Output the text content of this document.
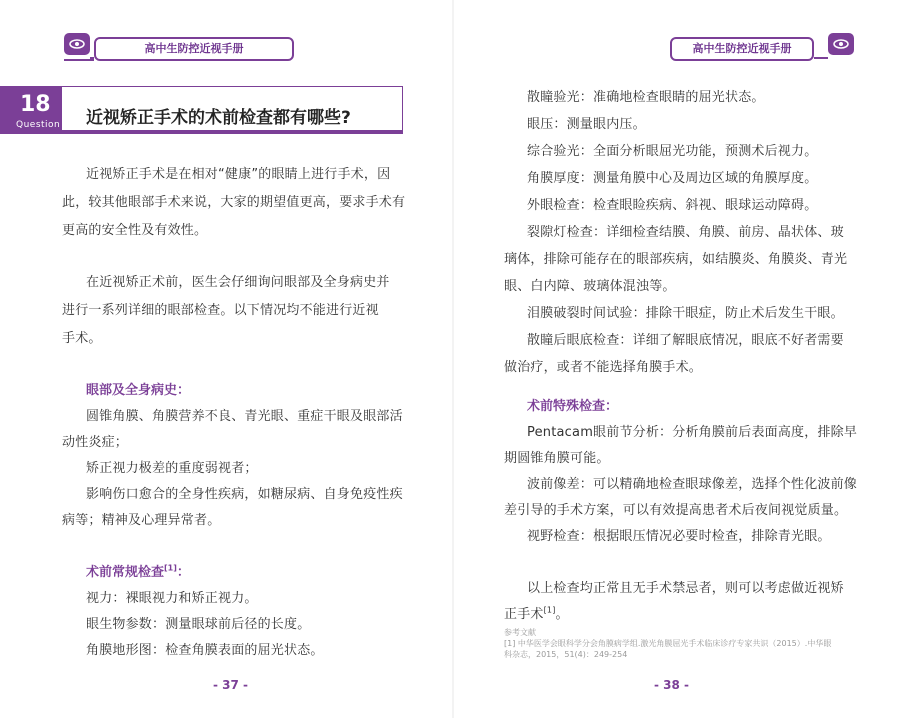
高中生防控近视手册
18
Question 近视矫正手术的术前检查都有哪些?
近视矫正手术是在相对“健康”的眼睛上进行手术，因
此，较其他眼部手术来说，大家的期望值更高，要求手术有
更高的安全性及有效性。
在近视矫正术前，医生会仔细询问眼部及全身病史并
进行一系列详细的眼部检查。以下情况均不能进行近视
手术。
眼部及全身病史：
圆锥角膜、角膜营养不良、青光眼、重症干眼及眼部活
动性炎症；
矫正视力极差的重度弱视者；
影响伤口愈合的全身性疾病，如糖尿病、自身免疫性疾
病等；精神及心理异常者。
术前常规检查[1]：
视力：裸眼视力和矫正视力。
眼生物参数：测量眼球前后径的长度。
角膜地形图：检查角膜表面的屈光状态。
- 37 -
高中生防控近视手册
散瞳验光：准确地检查眼睛的屈光状态。
眼压：测量眼内压。
综合验光：全面分析眼屈光功能，预测术后视力。
角膜厚度：测量角膜中心及周边区域的角膜厚度。
外眼检查：检查眼睑疾病、斜视、眼球运动障碍。
裂隙灯检查：详细检查结膜、角膜、前房、晶状体、玻
璃体，排除可能存在的眼部疾病，如结膜炎、角膜炎、青光
眼、白内障、玻璃体混浊等。
泪膜破裂时间试验：排除干眼症，防止术后发生干眼。
散瞳后眼底检查：详细了解眼底情况，眼底不好者需要
做治疗，或者不能选择角膜手术。
术前特殊检查：
Pentacam眼前节分析：分析角膜前后表面高度，排除早
期圆锥角膜可能。
波前像差：可以精确地检查眼球像差，选择个性化波前像
差引导的手术方案，可以有效提高患者术后夜间视觉质量。
视野检查：根据眼压情况必要时检查，排除青光眼。
以上检查均正常且无手术禁忌者，则可以考虑做近视矫
正手术[1]。
参考文献
[1] 中华医学会眼科学分会角膜病学组.激光角膜屈光手术临床诊疗专家共识（2015）.中华眼
科杂志，2015，51(4)：249-254
- 38 -
